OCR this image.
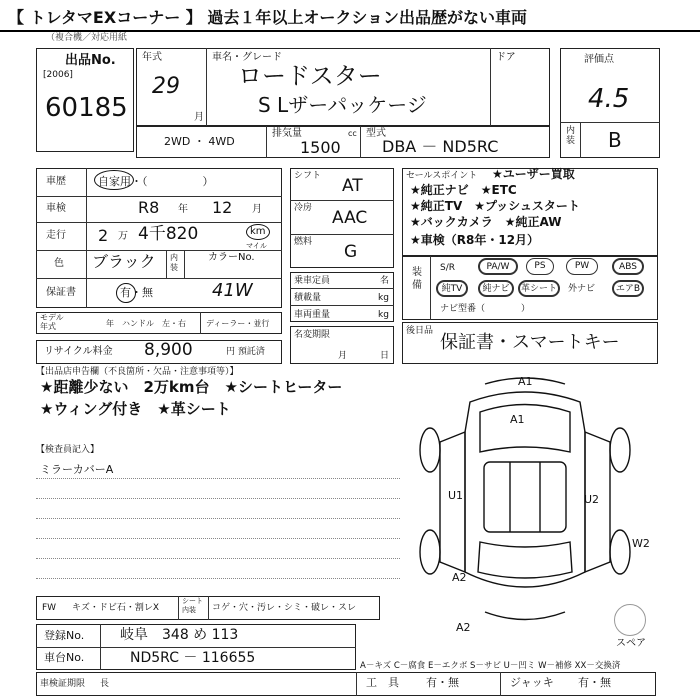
【 トレタマEXコーナー 】 過去１年以上オークション出品歴がない車両
（複合機／対応用紙
出品No.
[2006]
60185
年式
29
月
車名・グレード
ロードスター
S Lザーパッケージ
ドア	評価点
4.5
内装 B
2WD ・ 4WD
排気量	cc
1500
型式
DBA － ND5RC
車歴	自家用・（　　　　　）
車検	R8 年 12 月
走行 2 万 4千820	km
マイル
色 ブラック 内装
カラーNo.
保証書	有・無	41W
モデル年式	年 ハンドル　左・右	ディーラー・並行
リサイクル料金 8,900	円 預託済
シフト AT
冷房 AAC
燃料 G
乗車定員	名
積載量	kg
車両重量	kg
名変期限
月	日
セールスポイント ★ユーザー買取
★純正ナビ　★ETC
★純正TV　★プッシュスタート
★バックカメラ　★純正AW
★車検（R8年・12月）
装備
S/R	PA/W	PS	PW	ABS
純TV	純ナビ	革シート	外ナビ	エアB
ナビ型番（　　　　）
後日品
保証書・スマートキー
【出品店申告欄（不良箇所・欠品・注意事項等）】
★距離少ない　2万km台　★シートヒーター
★ウィング付き　★革シート
【検査員記入】
ミラーカバーA
A1
A1
U1	U2
W2
A2
A2
スペア
FW キズ・ドビ石・割レX
シート内装	コゲ・穴・汚レ・シミ・破レ・スレ
登録No.	岐阜　348 め 113
車台No.	ND5RC － 116655	A－キズ C－腐食 E－エクボ S－サビ U－凹ミ W－補修 XX－交換済
車検証期限 長	工　具 有・無	ジャッキ 有・無
